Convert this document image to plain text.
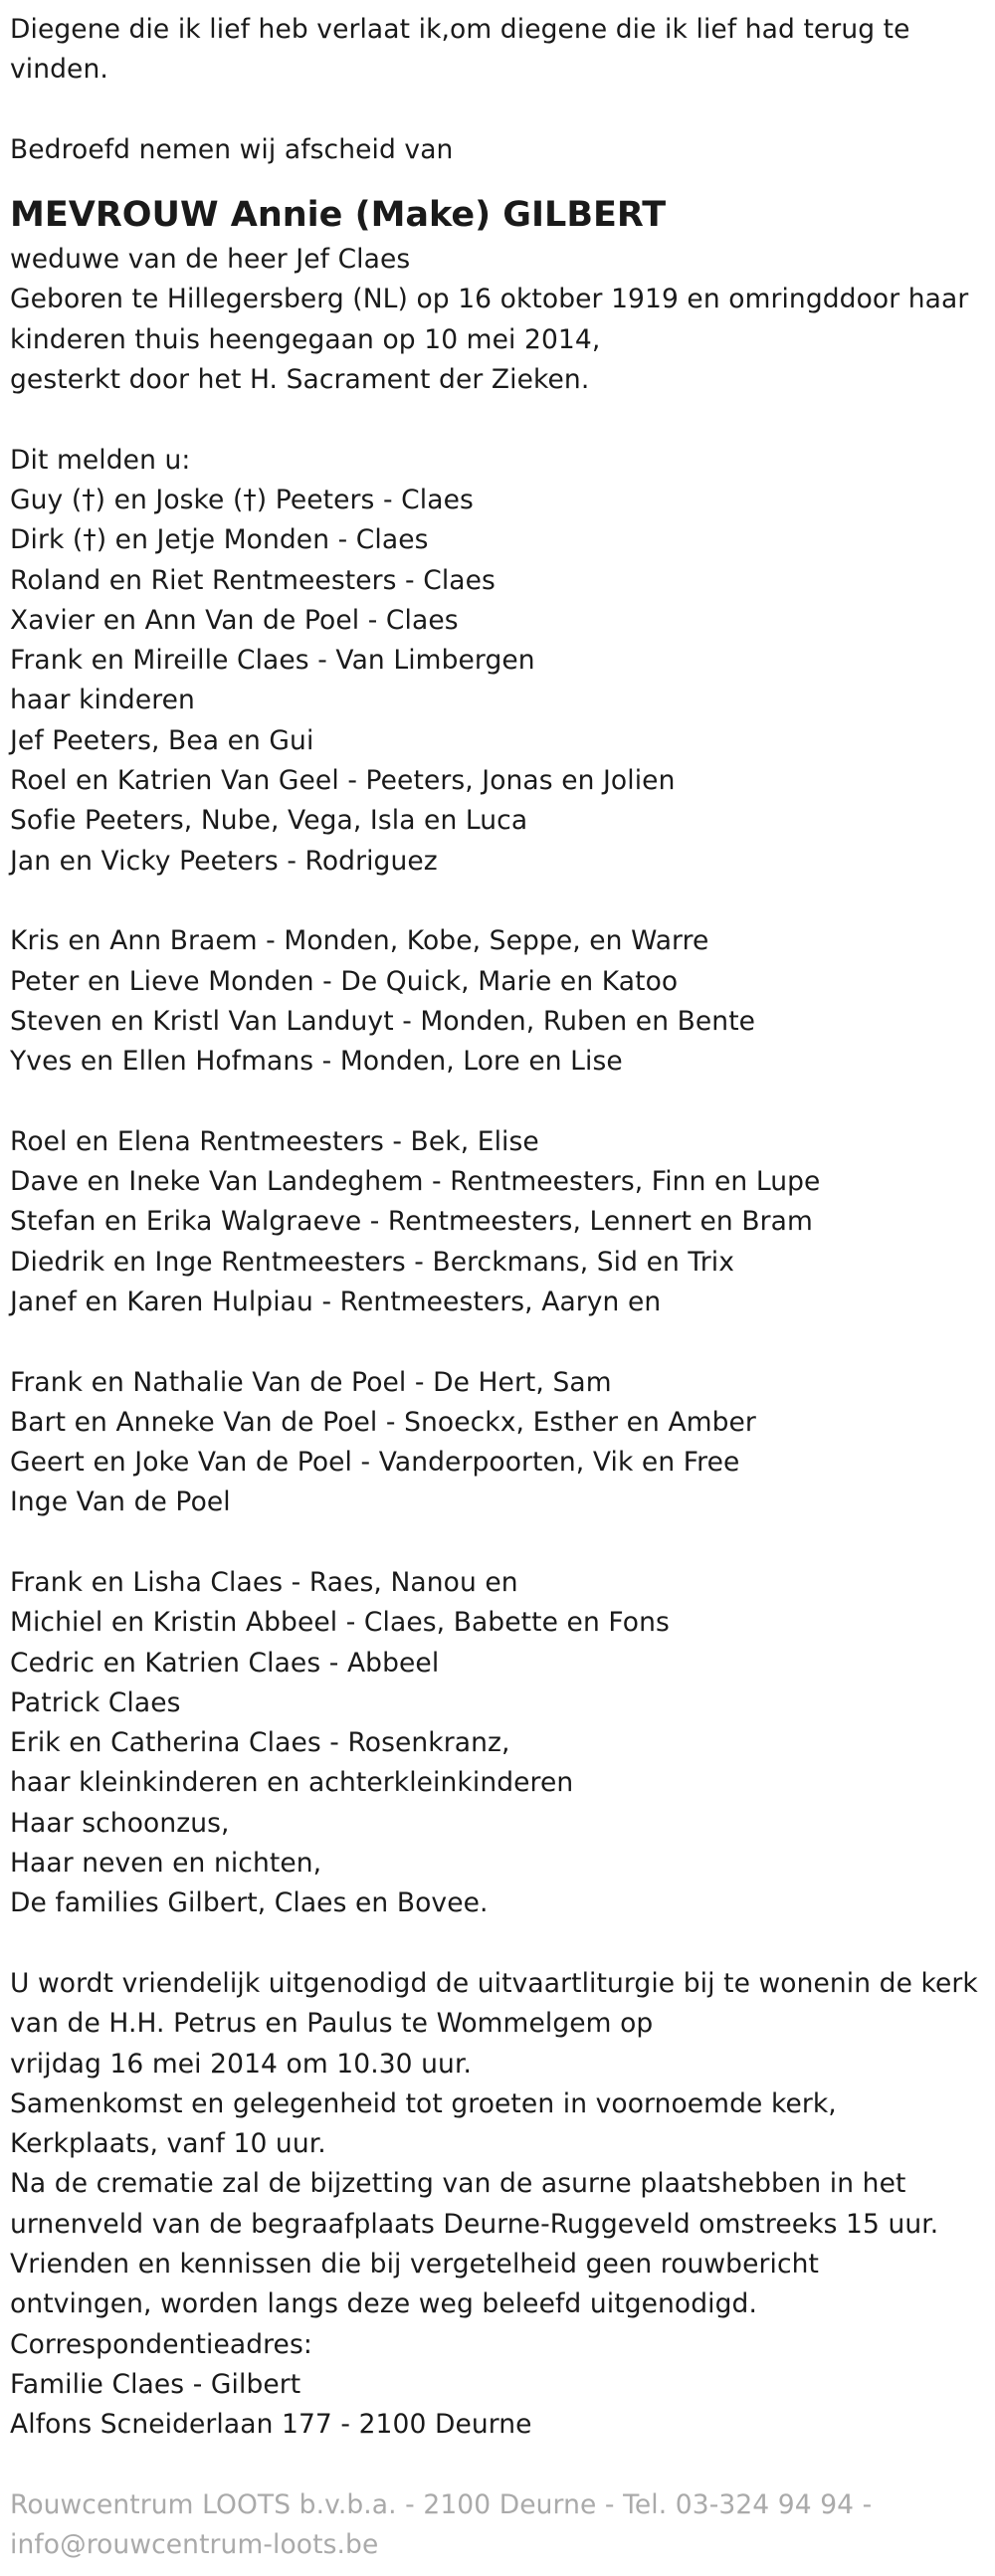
Diegene die ik lief heb verlaat ik,om diegene die ik lief had terug te
vinden.
Bedroefd nemen wij afscheid van
MEVROUW Annie (Make) GILBERT
weduwe van de heer Jef Claes
Geboren te Hillegersberg (NL) op 16 oktober 1919 en omringddoor haar
kinderen thuis heengegaan op 10 mei 2014,
gesterkt door het H. Sacrament der Zieken.
Dit melden u:
Guy (†) en Joske (†) Peeters - Claes
Dirk (†) en Jetje Monden - Claes
Roland en Riet Rentmeesters - Claes
Xavier en Ann Van de Poel - Claes
Frank en Mireille Claes - Van Limbergen
haar kinderen
Jef Peeters, Bea en Gui
Roel en Katrien Van Geel - Peeters, Jonas en Jolien
Sofie Peeters, Nube, Vega, Isla en Luca
Jan en Vicky Peeters - Rodriguez
Kris en Ann Braem - Monden, Kobe, Seppe, en Warre
Peter en Lieve Monden - De Quick, Marie en Katoo
Steven en Kristl Van Landuyt - Monden, Ruben en Bente
Yves en Ellen Hofmans - Monden, Lore en Lise
Roel en Elena Rentmeesters - Bek, Elise
Dave en Ineke Van Landeghem - Rentmeesters, Finn en Lupe
Stefan en Erika Walgraeve - Rentmeesters, Lennert en Bram
Diedrik en Inge Rentmeesters - Berckmans, Sid en Trix
Janef en Karen Hulpiau - Rentmeesters, Aaryn en
Frank en Nathalie Van de Poel - De Hert, Sam
Bart en Anneke Van de Poel - Snoeckx, Esther en Amber
Geert en Joke Van de Poel - Vanderpoorten, Vik en Free
Inge Van de Poel
Frank en Lisha Claes - Raes, Nanou en
Michiel en Kristin Abbeel - Claes, Babette en Fons
Cedric en Katrien Claes - Abbeel
Patrick Claes
Erik en Catherina Claes - Rosenkranz,
haar kleinkinderen en achterkleinkinderen
Haar schoonzus,
Haar neven en nichten,
De families Gilbert, Claes en Bovee.
U wordt vriendelijk uitgenodigd de uitvaartliturgie bij te wonenin de kerk
van de H.H. Petrus en Paulus te Wommelgem op
vrijdag 16 mei 2014 om 10.30 uur.
Samenkomst en gelegenheid tot groeten in voornoemde kerk,
Kerkplaats, vanf 10 uur.
Na de crematie zal de bijzetting van de asurne plaatshebben in het
urnenveld van de begraafplaats Deurne-Ruggeveld omstreeks 15 uur.
Vrienden en kennissen die bij vergetelheid geen rouwbericht
ontvingen, worden langs deze weg beleefd uitgenodigd.
Correspondentieadres:
Familie Claes - Gilbert
Alfons Scneiderlaan 177 - 2100 Deurne
Rouwcentrum LOOTS b.v.b.a. - 2100 Deurne - Tel. 03-324 94 94 -
info@rouwcentrum-loots.be
